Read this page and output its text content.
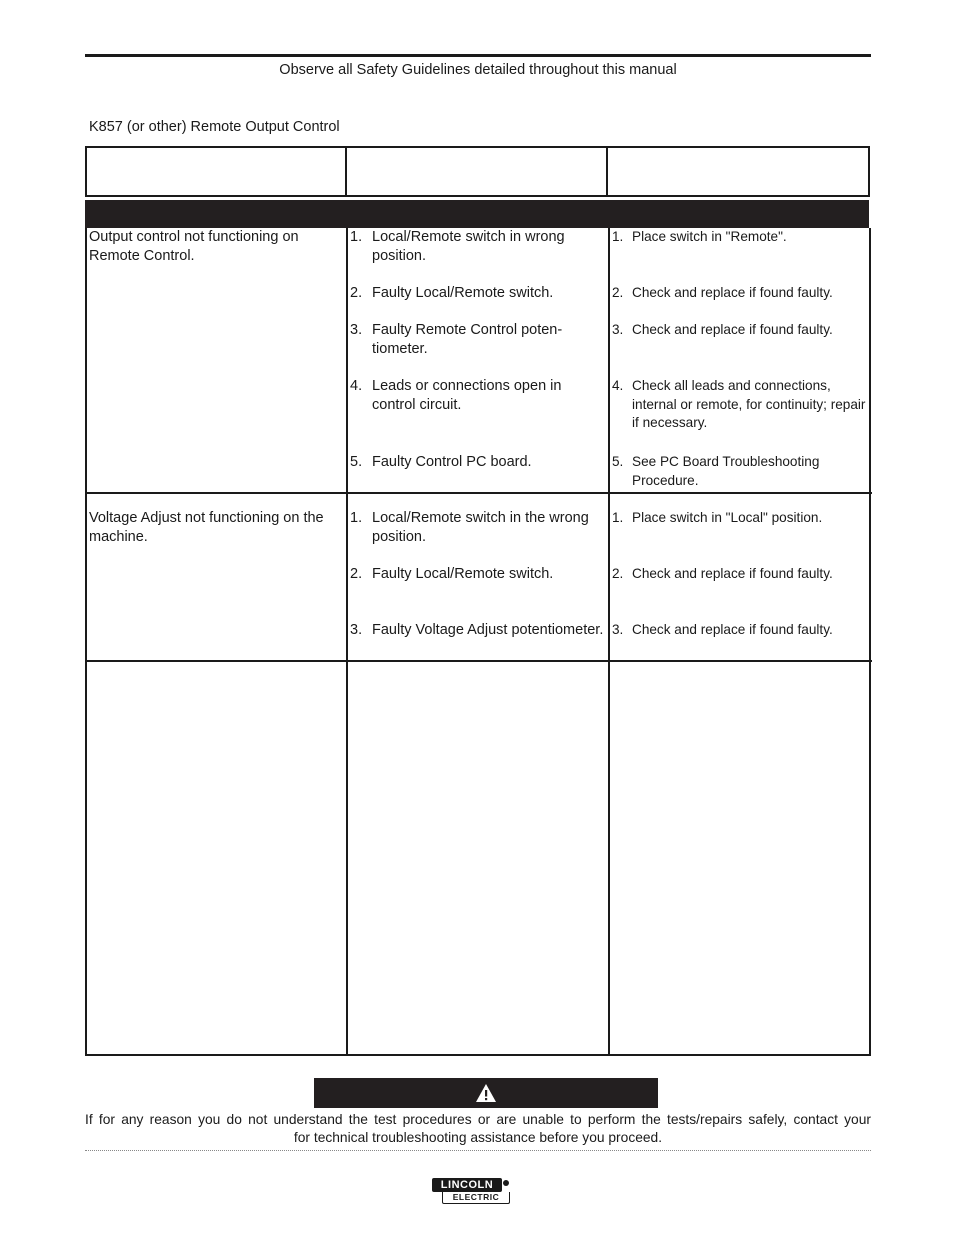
Observe all Safety Guidelines detailed throughout this manual
K857 (or other) Remote Output Control
Output control not functioning on Remote Control.
1. Local/Remote switch in wrong position.
2. Faulty Local/Remote switch.
3. Faulty Remote Control poten- tiometer.
4. Leads or connections open in control circuit.
5. Faulty Control PC board.
1. Place switch in "Remote".
2. Check and replace if found faulty.
3. Check and replace if found faulty.
4. Check all leads and connections, internal or remote, for continuity; repair if necessary.
5. See PC Board Troubleshooting Procedure.
Voltage Adjust not functioning on the machine.
1. Local/Remote switch in the wrong position.
2. Faulty Local/Remote switch.
3. Faulty Voltage Adjust potentiometer.
1. Place switch in "Local" position.
2. Check and replace if found faulty.
3. Check and replace if found faulty.
If for any reason you do not understand the test procedures or are unable to perform the tests/repairs safely, contact your
for technical troubleshooting assistance before you proceed.
LINCOLN
ELECTRIC
